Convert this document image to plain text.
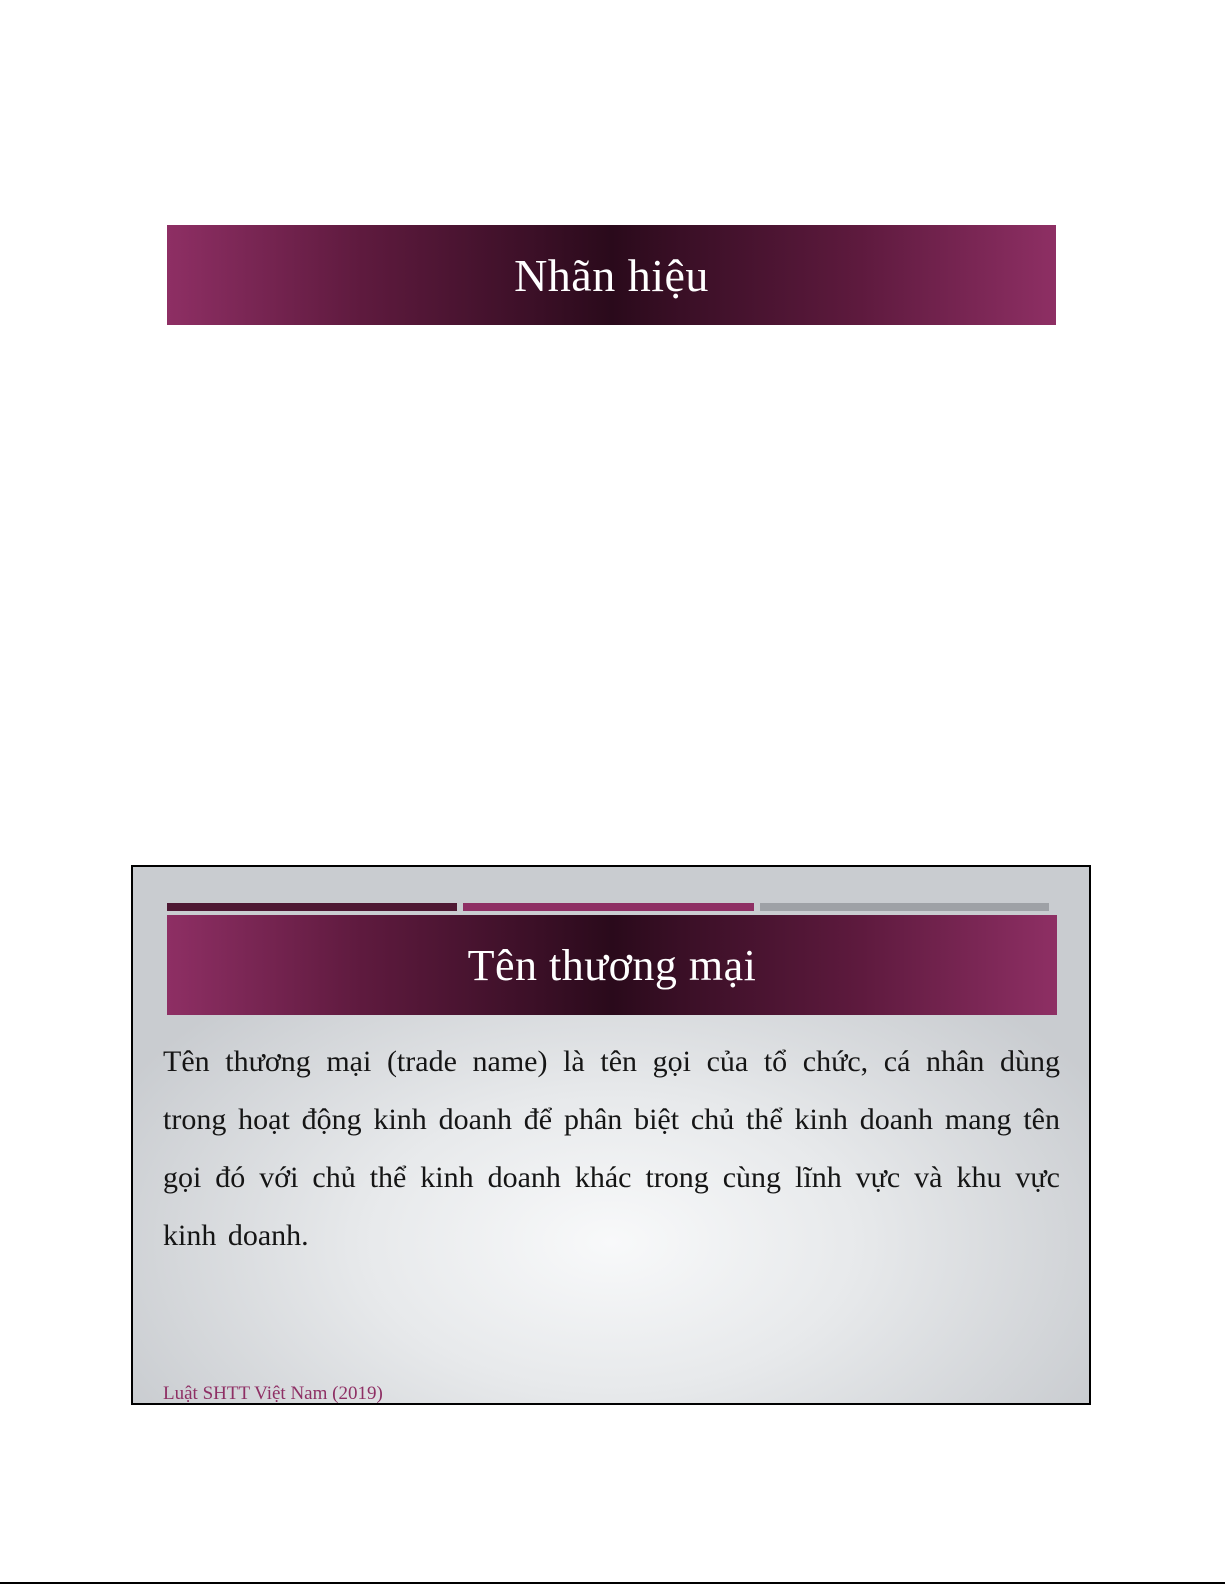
Nhãn hiệu
Tên thương mại

Tên thương mại (trade name) là tên gọi của tổ chức, cá nhân dùng trong hoạt động kinh doanh để phân biệt chủ thể kinh doanh mang tên gọi đó với chủ thể kinh doanh khác trong cùng lĩnh vực và khu vực kinh doanh.

Luật SHTT Việt Nam (2019)
